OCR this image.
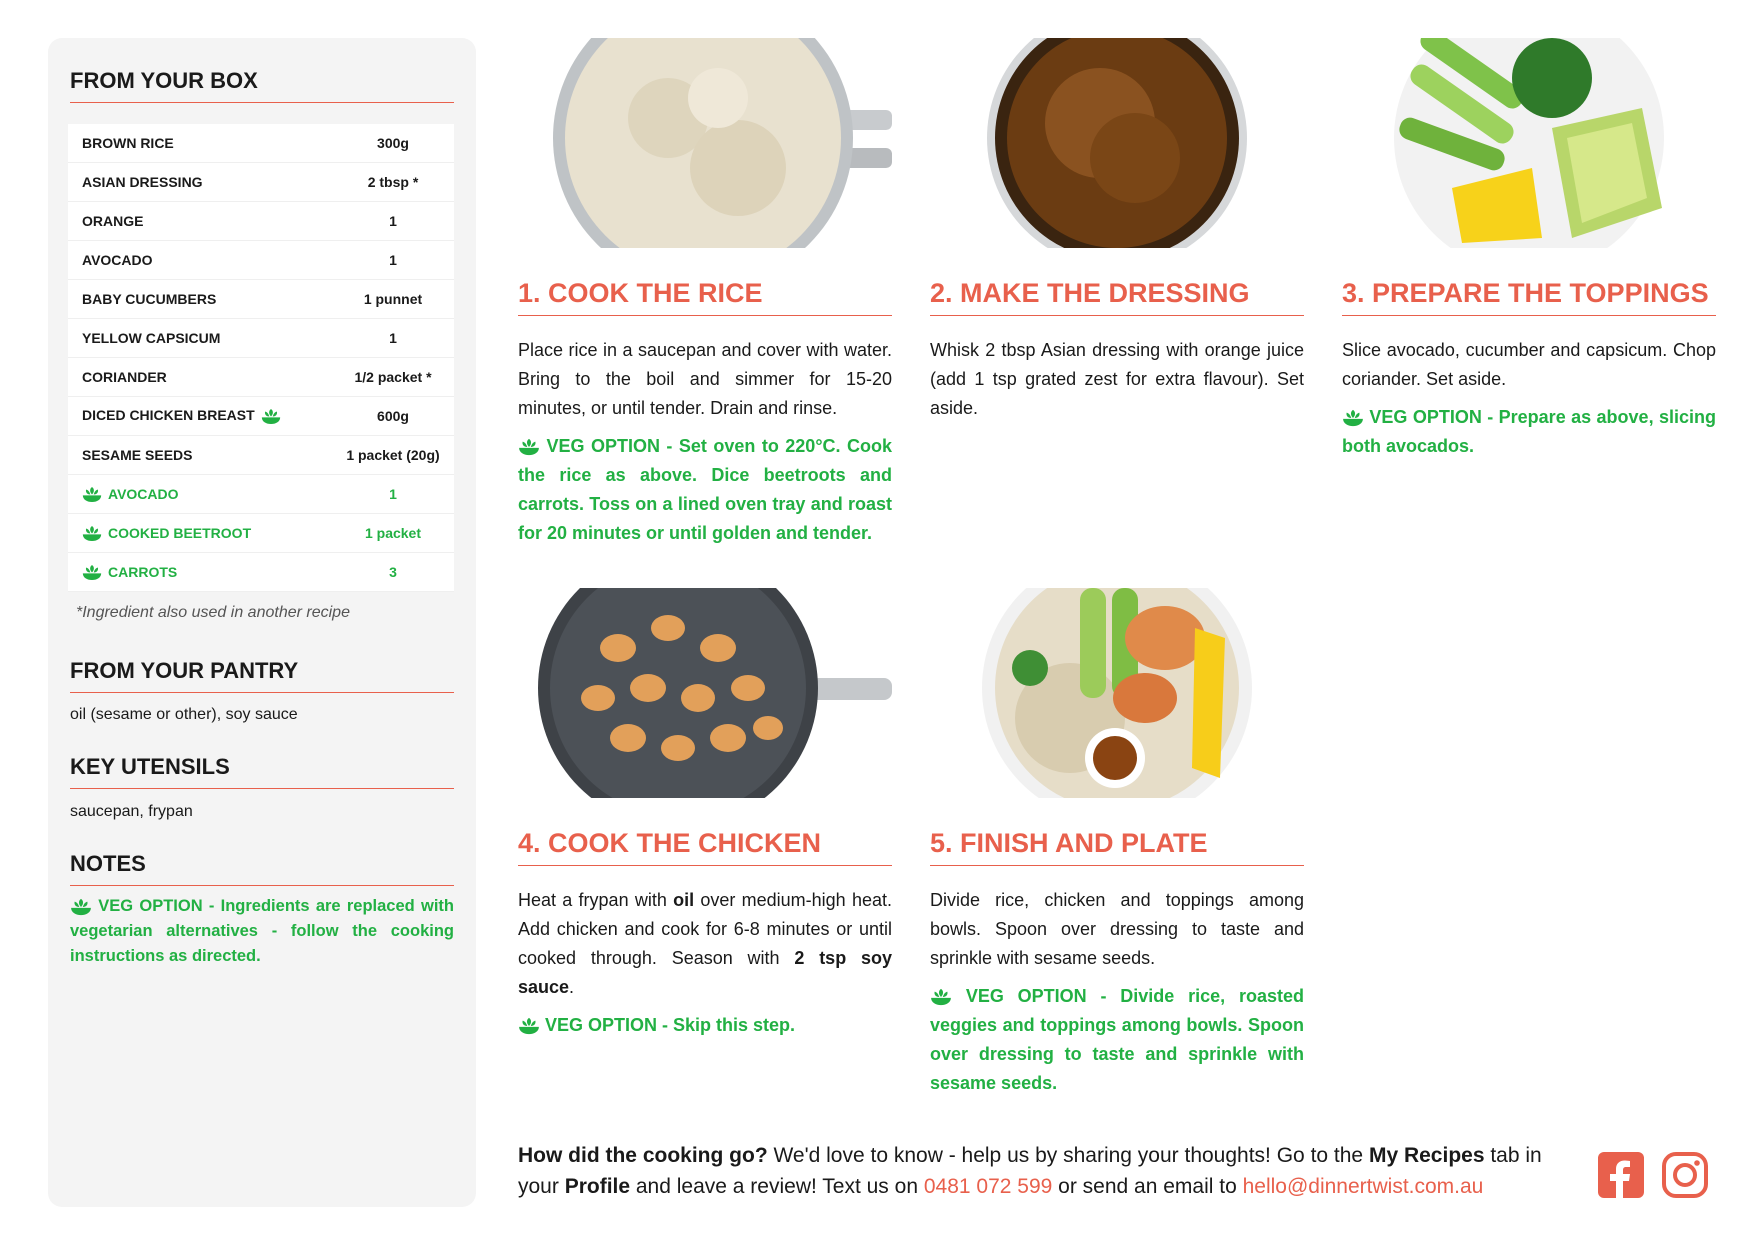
FROM YOUR BOX
BROWN RICE	300g
ASIAN DRESSING	2 tbsp *
ORANGE	1
AVOCADO	1
BABY CUCUMBERS	1 punnet
YELLOW CAPSICUM	1
CORIANDER	1/2 packet *
DICED CHICKEN BREAST	600g
SESAME SEEDS	1 packet (20g)
AVOCADO	1
COOKED BEETROOT	1 packet
CARROTS	3
*Ingredient also used in another recipe
FROM YOUR PANTRY
oil (sesame or other), soy sauce
KEY UTENSILS
saucepan, frypan
NOTES
VEG OPTION - Ingredients are replaced with vegetarian alternatives - follow the cooking instructions as directed.
1. COOK THE RICE
Place rice in a saucepan and cover with water. Bring to the boil and simmer for 15-20 minutes, or until tender. Drain and rinse.
VEG OPTION - Set oven to 220°C. Cook the rice as above. Dice beetroots and carrots. Toss on a lined oven tray and roast for 20 minutes or until golden and tender.
2. MAKE THE DRESSING
Whisk 2 tbsp Asian dressing with orange juice (add 1 tsp grated zest for extra flavour). Set aside.
3. PREPARE THE TOPPINGS
Slice avocado, cucumber and capsicum. Chop coriander. Set aside.
VEG OPTION - Prepare as above, slicing both avocados.
4. COOK THE CHICKEN
Heat a frypan with oil over medium-high heat. Add chicken and cook for 6-8 minutes or until cooked through. Season with 2 tsp soy sauce.
VEG OPTION - Skip this step.
5. FINISH AND PLATE
Divide rice, chicken and toppings among bowls. Spoon over dressing to taste and sprinkle with sesame seeds.
VEG OPTION - Divide rice, roasted veggies and toppings among bowls. Spoon over dressing to taste and sprinkle with sesame seeds.
How did the cooking go? We'd love to know - help us by sharing your thoughts! Go to the My Recipes tab in your Profile and leave a review! Text us on 0481 072 599 or send an email to hello@dinnertwist.com.au
